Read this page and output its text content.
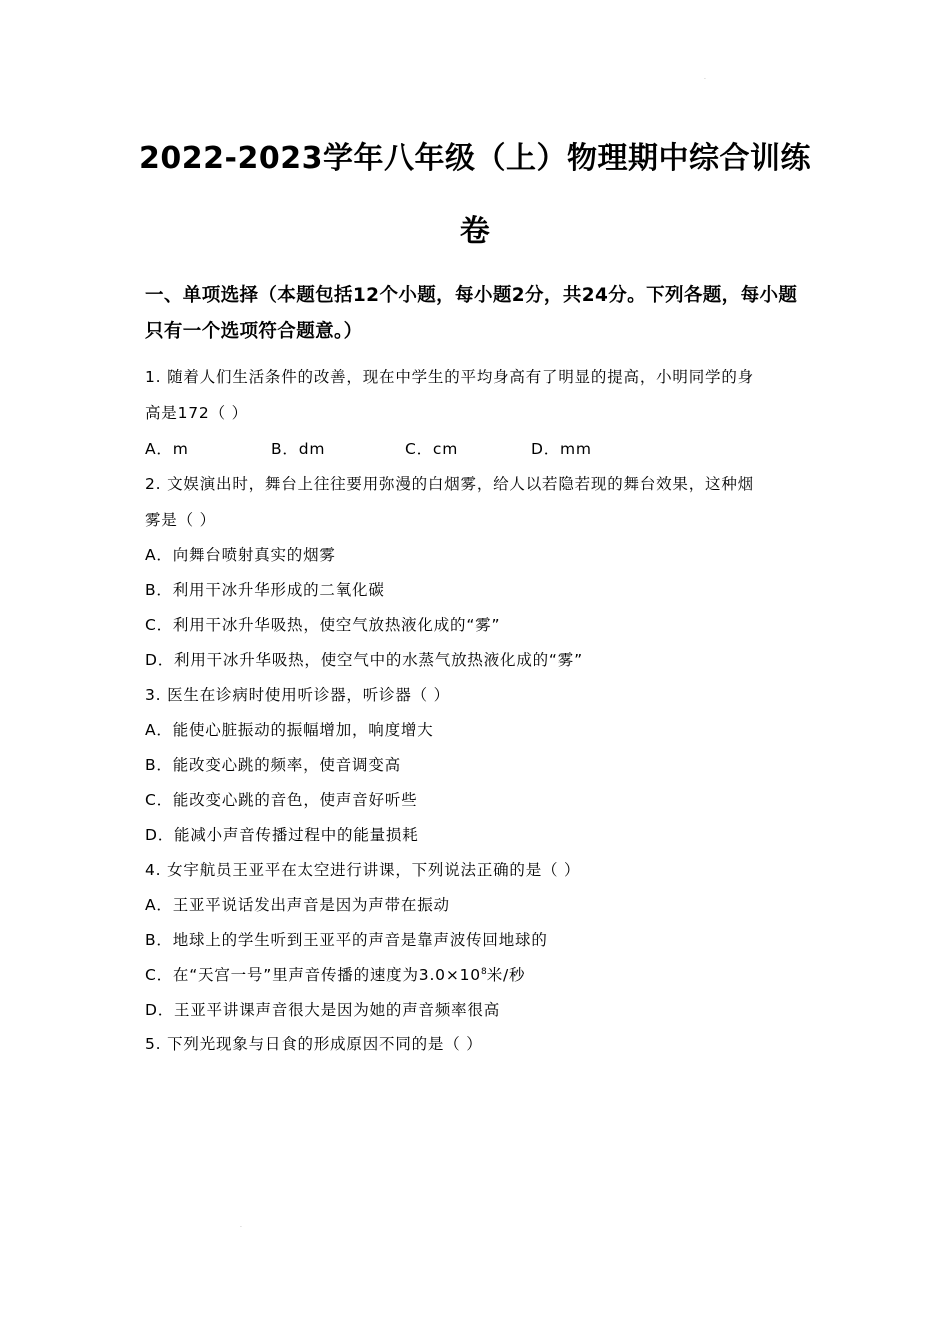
·
2022-2023学年八年级（上）物理期中综合训练
卷
一、单项选择（本题包括12个小题，每小题2分，共24分。下列各题，每小题
只有一个选项符合题意。）
1. 随着人们生活条件的改善，现在中学生的平均身高有了明显的提高，小明同学的身
高是172（ ）
A．m	B．dm	C．cm	D．mm
2. 文娱演出时，舞台上往往要用弥漫的白烟雾，给人以若隐若现的舞台效果，这种烟
雾是（ ）
A．向舞台喷射真实的烟雾
B．利用干冰升华形成的二氧化碳
C．利用干冰升华吸热，使空气放热液化成的“雾”
D．利用干冰升华吸热，使空气中的水蒸气放热液化成的“雾”
3. 医生在诊病时使用听诊器，听诊器（ ）
A．能使心脏振动的振幅增加，响度增大
B．能改变心跳的频率，使音调变高
C．能改变心跳的音色，使声音好听些
D．能减小声音传播过程中的能量损耗
4. 女宇航员王亚平在太空进行讲课，下列说法正确的是（ ）
A．王亚平说话发出声音是因为声带在振动
B．地球上的学生听到王亚平的声音是靠声波传回地球的
C．在“天宫一号”里声音传播的速度为$3.0\times 10^8$米/秒
D．王亚平讲课声音很大是因为她的声音频率很高
5. 下列光现象与日食的形成原因不同的是（ ）
·
